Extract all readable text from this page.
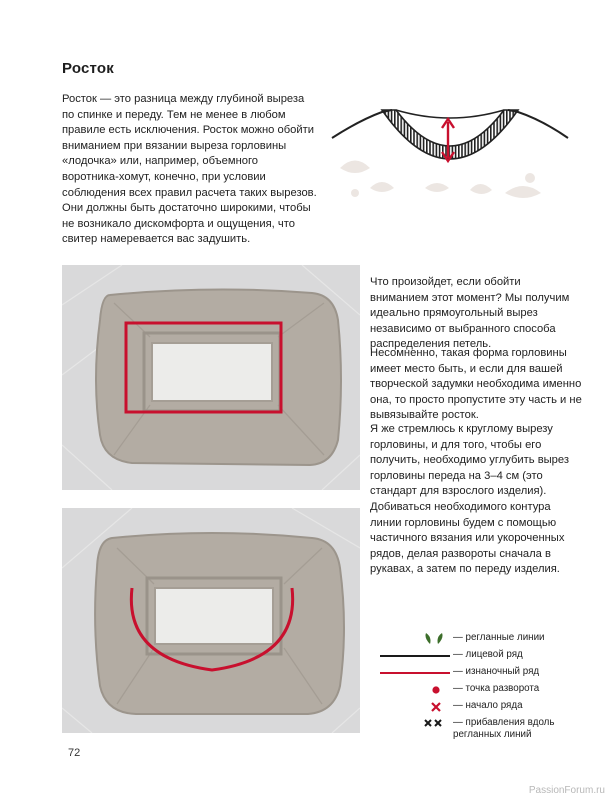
Росток
Росток — это разница между глубиной выреза по спинке и переду. Тем не менее в любом правиле есть исключения. Росток можно обойти вниманием при вязании выреза горловины «лодочка» или, например, объемного воротника-хомут, конечно, при условии соблюдения всех правил расчета таких вырезов. Они должны быть достаточно широкими, чтобы не возникало дискомфорта и ощущения, что свитер намеревается вас задушить.
Что произойдет, если обойти вниманием этот момент? Мы получим идеально прямоугольный вырез независимо от выбранного способа распределения петель.
Несомненно, такая форма горловины имеет место быть, и если для вашей творческой задумки необходима именно она, то просто пропустите эту часть и не вывязывайте росток.
Я же стремлюсь к круглому вырезу горловины, и для того, чтобы его получить, необходимо углубить вырез горловины переда на 3–4 см (это стандарт для взрослого изделия).
Добиваться необходимого контура линии горловины будем с помощью частичного вязания или укороченных рядов, делая развороты сначала в рукавах, а затем по переду изделия.
— регланные линии
— лицевой ряд
— изнаночный ряд
— точка разворота
— начало ряда
— прибавления вдоль регланных линий
72
PassionForum.ru
